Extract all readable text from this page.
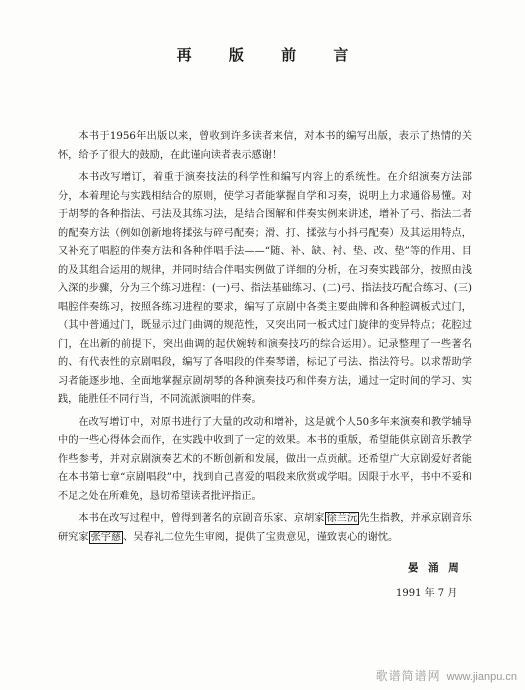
再 版 前 言

本书于1956年出版以来，曾收到许多读者来信，对本书的编写出版，表示了热情的关怀，给予了很大的鼓励，在此谨向读者表示感谢！

本书改写增订，着重于演奏技法的科学性和编写内容上的系统性。在介绍演奏方法部分，本着理论与实践相结合的原则，使学习者能掌握自学和习奏，说明上力求通俗易懂。对于胡琴的各种指法、弓法及其练习法，是结合图解和伴奏实例来讲述，增补了弓、指法二者的配奏方法（例如创新地将揉弦与碎弓配奏；滑、打、揉弦与小抖弓配奏）及其运用特点，又补充了唱腔的伴奏方法和各种伴唱手法——“随、补、缺、衬、垫、改、垫”等的作用、目的及其组合运用的规律，并同时结合伴唱实例做了详细的分析，在习奏实践部分，按照由浅入深的步骤，分为三个练习进程：(一)弓、指法基础练习、(二)弓、指法技巧配合练习、(三)唱腔伴奏练习，按照各练习进程的要求，编写了京剧中各类主要曲牌和各种腔调板式过门，（其中普通过门，既显示过门曲调的规范性，又突出同一板式过门旋律的变异特点；花腔过门，在出新的前提下，突出曲调的起伏婉转和演奏技巧的综合运用）。记录整理了一些著名的、有代表性的京剧唱段，编写了各唱段的伴奏琴谱，标记了弓法、指法符号。以求帮助学习者能逐步地、全面地掌握京剧胡琴的各种演奏技巧和伴奏方法，通过一定时间的学习、实践，能胜任不同行当，不同流派演唱的伴奏。

在改写增订中，对原书进行了大量的改动和增补，这是就个人50多年来演奏和教学辅导中的一些心得体会而作，在实践中收到了一定的效果。本书的重版，希望能供京剧音乐教学作些参考，并对京剧演奏艺术的不断创新和发展，做出一点贡献。还希望广大京剧爱好者能在本书第七章“京剧唱段”中，找到自己喜爱的唱段来欣赏或学唱。因限于水平，书中不妥和不足之处在所难免，恳切希望读者批评指正。

本书在改写过程中，曾得到著名的京剧音乐家、京胡家 徐兰沅 先生指教，并承京剧音乐研究家 张宇慈 、吴春礼二位先生审阅，提供了宝贵意见，谨致衷心的谢忱。

晏 涌 周
1991 年 7 月
歌谱简谱网 www.jianpu.cn
